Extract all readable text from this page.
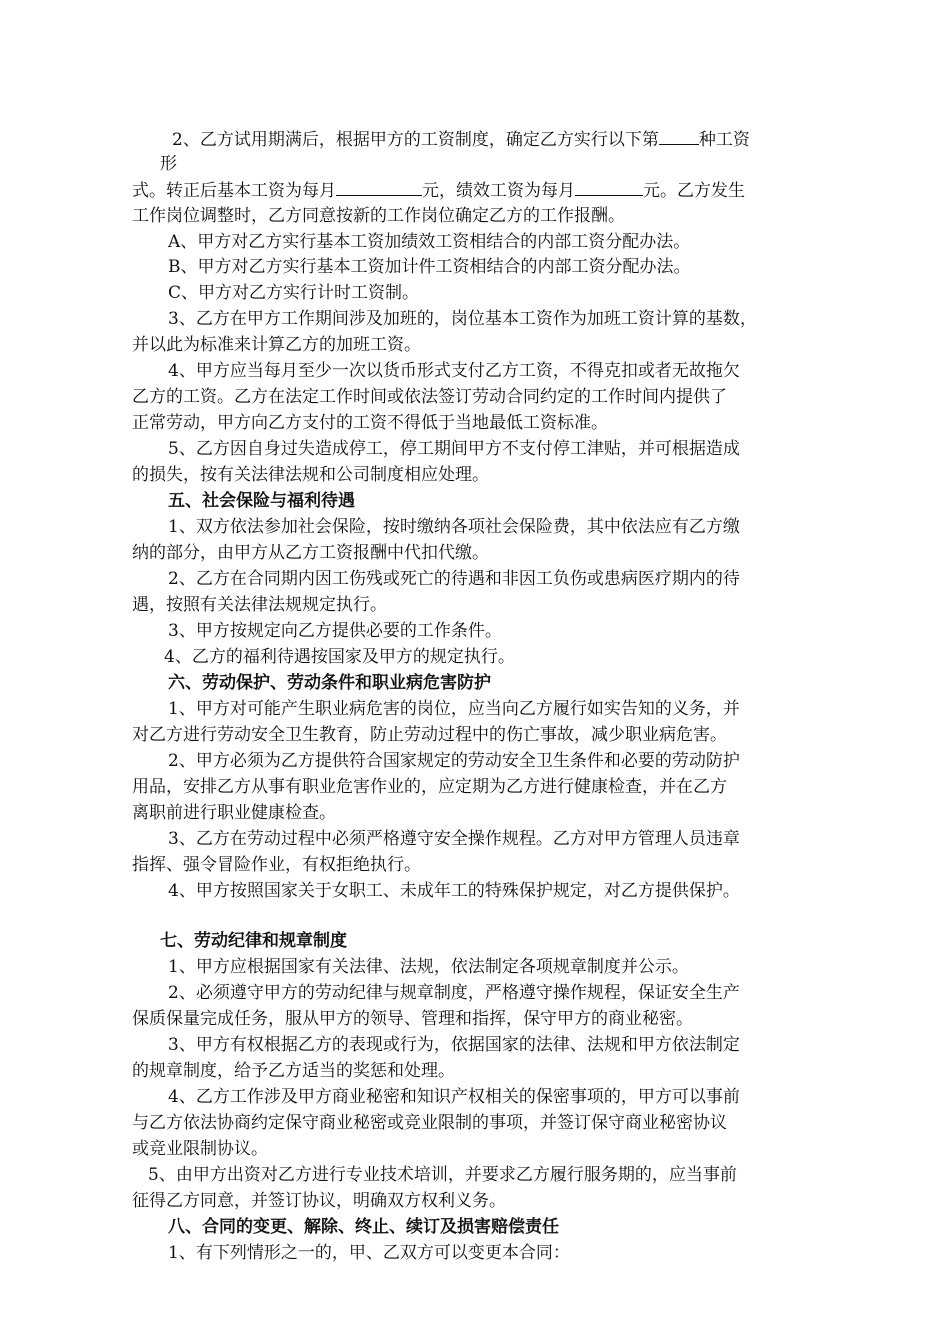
2、乙方试用期满后，根据甲方的工资制度，确定乙方实行以下第 种工资
形
式。转正后基本工资为每月	元，绩效工资为每月	元。乙方发生
工作岗位调整时，乙方同意按新的工作岗位确定乙方的工作报酬。
A、甲方对乙方实行基本工资加绩效工资相结合的内部工资分配办法。
B、甲方对乙方实行基本工资加计件工资相结合的内部工资分配办法。
C、甲方对乙方实行计时工资制。
3、乙方在甲方工作期间涉及加班的，岗位基本工资作为加班工资计算的基数，
并以此为标准来计算乙方的加班工资。
4、甲方应当每月至少一次以货币形式支付乙方工资，不得克扣或者无故拖欠
乙方的工资。乙方在法定工作时间或依法签订劳动合同约定的工作时间内提供了
正常劳动，甲方向乙方支付的工资不得低于当地最低工资标准。
5、乙方因自身过失造成停工，停工期间甲方不支付停工津贴，并可根据造成
的损失，按有关法律法规和公司制度相应处理。
五、社会保险与福利待遇
1、双方依法参加社会保险，按时缴纳各项社会保险费，其中依法应有乙方缴
纳的部分，由甲方从乙方工资报酬中代扣代缴。
2、乙方在合同期内因工伤残或死亡的待遇和非因工负伤或患病医疗期内的待
遇，按照有关法律法规规定执行。
3、甲方按规定向乙方提供必要的工作条件。
4、乙方的福利待遇按国家及甲方的规定执行。
六、劳动保护、劳动条件和职业病危害防护
1、甲方对可能产生职业病危害的岗位，应当向乙方履行如实告知的义务，并
对乙方进行劳动安全卫生教育，防止劳动过程中的伤亡事故，减少职业病危害。
2、甲方必须为乙方提供符合国家规定的劳动安全卫生条件和必要的劳动防护
用品，安排乙方从事有职业危害作业的，应定期为乙方进行健康检查，并在乙方
离职前进行职业健康检查。
3、乙方在劳动过程中必须严格遵守安全操作规程。乙方对甲方管理人员违章
指挥、强令冒险作业，有权拒绝执行。
4、甲方按照国家关于女职工、未成年工的特殊保护规定，对乙方提供保护。
七、劳动纪律和规章制度
1、甲方应根据国家有关法律、法规，依法制定各项规章制度并公示。
2、必须遵守甲方的劳动纪律与规章制度，严格遵守操作规程，保证安全生产
保质保量完成任务，服从甲方的领导、管理和指挥，保守甲方的商业秘密。
3、甲方有权根据乙方的表现或行为，依据国家的法律、法规和甲方依法制定
的规章制度，给予乙方适当的奖惩和处理。
4、乙方工作涉及甲方商业秘密和知识产权相关的保密事项的，甲方可以事前
与乙方依法协商约定保守商业秘密或竞业限制的事项，并签订保守商业秘密协议
或竞业限制协议。
5、由甲方出资对乙方进行专业技术培训，并要求乙方履行服务期的，应当事前
征得乙方同意，并签订协议，明确双方权利义务。
八、合同的变更、解除、终止、续订及损害赔偿责任
1、有下列情形之一的，甲、乙双方可以变更本合同：
